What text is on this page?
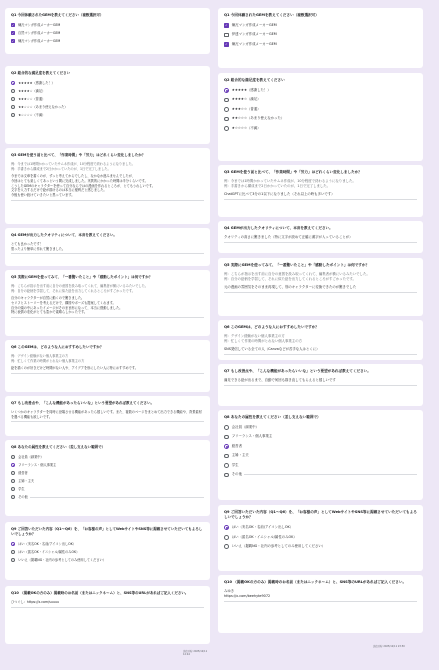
Q1 今回体験されたGEMを教えてください（複数選択可）
✓ 煉瓦マンガ作成メーカーGEM
✓ 自然マンガ作成メーカーGEM
✓ 煉瓦マンガ作成メーカーGEM
Q2 総合的な満足度を教えてください
★★★★★（感謝した！）
★★★★☆（満足）
★★★☆☆（普通）
★★☆☆☆（あまり使えなかった）
★☆☆☆☆（不満）
Q3 GEMを使う前と比べて、「作業時間」や「労力」はどれくらい変化しましたか？
例：今までは1時間かかっていたサムネ作成が、10分程度で終わるようになりました。
例：手書きから構成まで2日かかっていたのが、1日で完了しました。
今までは文章を書くのが、ずっと考えてからでしたし、なかなか進みませんでしたが、
今回はとても楽しくてあっという間に完成しました。実質的にかかった時間は半分くらいです。
こうしたGEMのキャラクターを使って自分ならではの漫画を作れるところが、とてもうれしいです。
文字を入力するだけで絵が描けるのは本当に便利だと感じました。
今後も使い続けていきたいと思っています。
Q4 GEMが出力したクオリティについて、本音を教えてください。
とても良かったです！
思ったより簡単に作れて驚きました。
Q5 実際にGEMを使ってみて、「一番驚いたこと」や「感動したポイント」は何ですか？
例：こちらが指示を出す前に自分の意図を汲み取ってくれて、編集者が横にいるみたいでした。
例：自分の絵柄を学習して、それに似た絵を出力してくれるところがすごかったです。
自分のキャラクターが自然に動くので驚きました。
セリフとストーリーを考えるだけで、構図やポーズも提案してくれます。
自分の頭の中にあったイメージがそのまま形になって、本当に感動しました。
特に表情の変化がとても豊かで素晴らしかったです。
Q6 このGEMは、どのような人におすすめしたいですか？
例：デザイン経験がない個人事業主の方
例：忙しくて作業の時間がとれない個人事業主の方
絵を描くのが好きだけど時間がない人や、アイデアを形にしたい人に特におすすめです。
Q7 もし改善点や、「こんな機能があったらいいな」という要望があれば教えてください。
いくつかのキャラクターを同時に登場させる機能があったら嬉しいです。また、複数のページをまとめて出力できる機能や、背景素材を選べる機能も欲しいです。
Q8 あなたの属性を教えてください（差し支えない範囲で）
会社員（副業中）
フリーランス・個人事業主
経営者
主婦・主夫
学生
その他
Q9 ご回答いただいた内容（Q1〜Q6）を、「お客様の声」としてWebサイトやSNS等に掲載させていただいてもよろしいでしょうか？
はい（実名OK・名前/アイコン出しOK）
はい（匿名OK・イニシャル/属性のみOK）
いいえ（掲載NG・社内の参考としてのみ使用してください）
Q10 （掲載OKの方のみ）掲載時のお名前（またはニックネーム）と、SNS等のURLがあればご記入ください。
ひつぐし：https://x.com/suuuu
送信日時 2025/12/11 12:44
Q1 今回体験されたGEMを教えてください（複数選択可）
✓	煉瓦マンガ作成メーカーGEM
伊達マンガ作成メーカーGEM
✓	煉瓦マンガ作成メーカーGEM
Q2 総合的な満足度を教えてください
★★★★★（感謝した！）
★★★★☆（満足）
★★★☆☆（普通）
★★☆☆☆（あまり使えなかった）
★☆☆☆☆（不満）
Q3 GEMを使う前と比べて、「作業時間」や「労力」はどれくらい変化しましたか？
例：今までは1時間かかっていたサムネ作成が、10分程度で終わるようになりました。
例：手書きから構成まで2日かかっていたのが、1日で完了しました。
ChatGPTに比べて3分の1以下になりました（それ以上の時も多いです）
Q4 GEMが出力したクオリティについて、本音を教えてください。
クオリティの高さに驚きました（特に文字が読めて正確に漢字が入っていることが）
Q5 実際にGEMを使ってみて、「一番驚いたこと」や「感動したポイント」は何ですか？
例：こちらが指示を出す前に自分の意図を汲み取ってくれて、編集者が横にいるみたいでした。
例：自分の絵柄を学習して、それに似た絵を出力してくれるところがすごかったです。
元の漫画の雰囲気をそのまま再現して、別のキャラクターに変換できたのが驚きでした
Q6 このGEMは、どのような人におすすめしたいですか？
例：デザイン経験がない個人事業主の方
例：忙しくて作業の時間がとれない個人事業主の方
SNS発信している全ての人（Canvaなどが苦手な人はとくに）
Q7 もし改善点や、「こんな機能があったらいいな」という要望があれば教えてください。
満足できる絵が出るまで、自動で何回も描き直してもらえると嬉しいです
Q8 あなたの属性を教えてください（差し支えない範囲で）
会社員（副業中）
フリーランス・個人事業主
経営者
主婦・主夫
学生
その他
Q9 ご回答いただいた内容（Q1〜Q6）を、「お客様の声」としてWebサイトやSNS等に掲載させていただいてもよろしいでしょうか？
はい（実名OK・名前/アイコン出しOK）
はい（匿名OK・イニシャル/属性のみOK）
いいえ（掲載NG・社内の参考としてのみ使用してください）
Q10 （掲載OKの方のみ）掲載時のお名前（またはニックネーム）と、SNS等のURLがあればご記入ください。
みゆき
https://x.com/beehyte9072
送信日時 2025/12/11 23:50
